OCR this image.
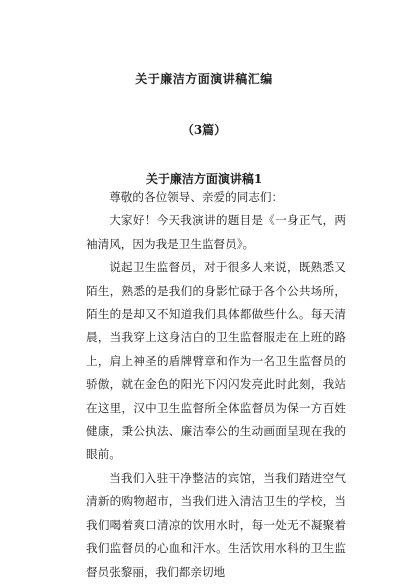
关于廉洁方面演讲稿汇编
（3篇）
关于廉洁方面演讲稿1

尊敬的各位领导、亲爱的同志们：

大家好！今天我演讲的题目是《一身正气，两袖清风，因为我是卫生监督员》。

说起卫生监督员，对于很多人来说，既熟悉又陌生，熟悉的是我们的身影忙碌于各个公共场所，陌生的是却又不知道我们具体都做些什么。每天清晨，当我穿上这身洁白的卫生监督服走在上班的路上，肩上神圣的盾牌臂章和作为一名卫生监督员的骄傲，就在金色的阳光下闪闪发亮此时此刻，我站在这里，汉中卫生监督所全体监督员为保一方百姓健康，秉公执法、廉洁奉公的生动画面呈现在我的眼前。

当我们入驻干净整洁的宾馆，当我们踏进空气清新的购物超市，当我们进入清洁卫生的学校，当我们喝着爽口清凉的饮用水时，每一处无不凝聚着我们监督员的心血和汗水。生活饮用水科的卫生监督员张黎丽，我们都亲切地
